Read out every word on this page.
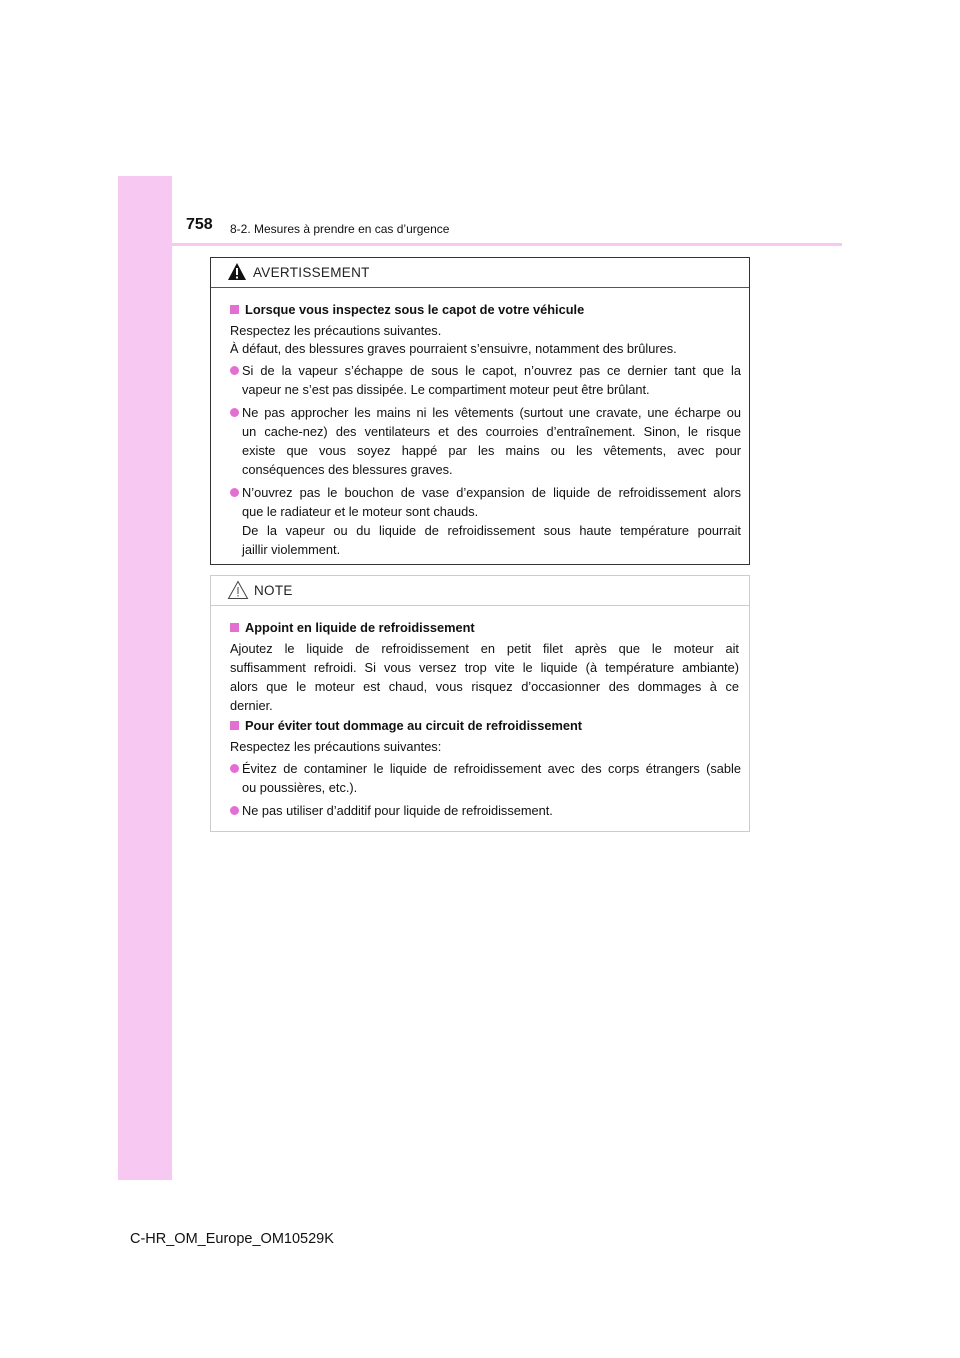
758 8-2. Mesures à prendre en cas d’urgence
AVERTISSEMENT
Lorsque vous inspectez sous le capot de votre véhicule
Respectez les précautions suivantes.
À défaut, des blessures graves pourraient s’ensuivre, notamment des brûlures.
Si de la vapeur s’échappe de sous le capot, n’ouvrez pas ce dernier tant que la
vapeur ne s’est pas dissipée. Le compartiment moteur peut être brûlant.
Ne pas approcher les mains ni les vêtements (surtout une cravate, une écharpe ou
un cache-nez) des ventilateurs et des courroies d’entraînement. Sinon, le risque
existe que vous soyez happé par les mains ou les vêtements, avec pour
conséquences des blessures graves.
N’ouvrez pas le bouchon de vase d’expansion de liquide de refroidissement alors
que le radiateur et le moteur sont chauds.
De la vapeur ou du liquide de refroidissement sous haute température pourrait
jaillir violemment.
NOTE
Appoint en liquide de refroidissement
Ajoutez le liquide de refroidissement en petit filet après que le moteur ait
suffisamment refroidi. Si vous versez trop vite le liquide (à température ambiante)
alors que le moteur est chaud, vous risquez d’occasionner des dommages à ce
dernier.
Pour éviter tout dommage au circuit de refroidissement
Respectez les précautions suivantes:
Évitez de contaminer le liquide de refroidissement avec des corps étrangers (sable
ou poussières, etc.).
Ne pas utiliser d’additif pour liquide de refroidissement.
C-HR_OM_Europe_OM10529K
